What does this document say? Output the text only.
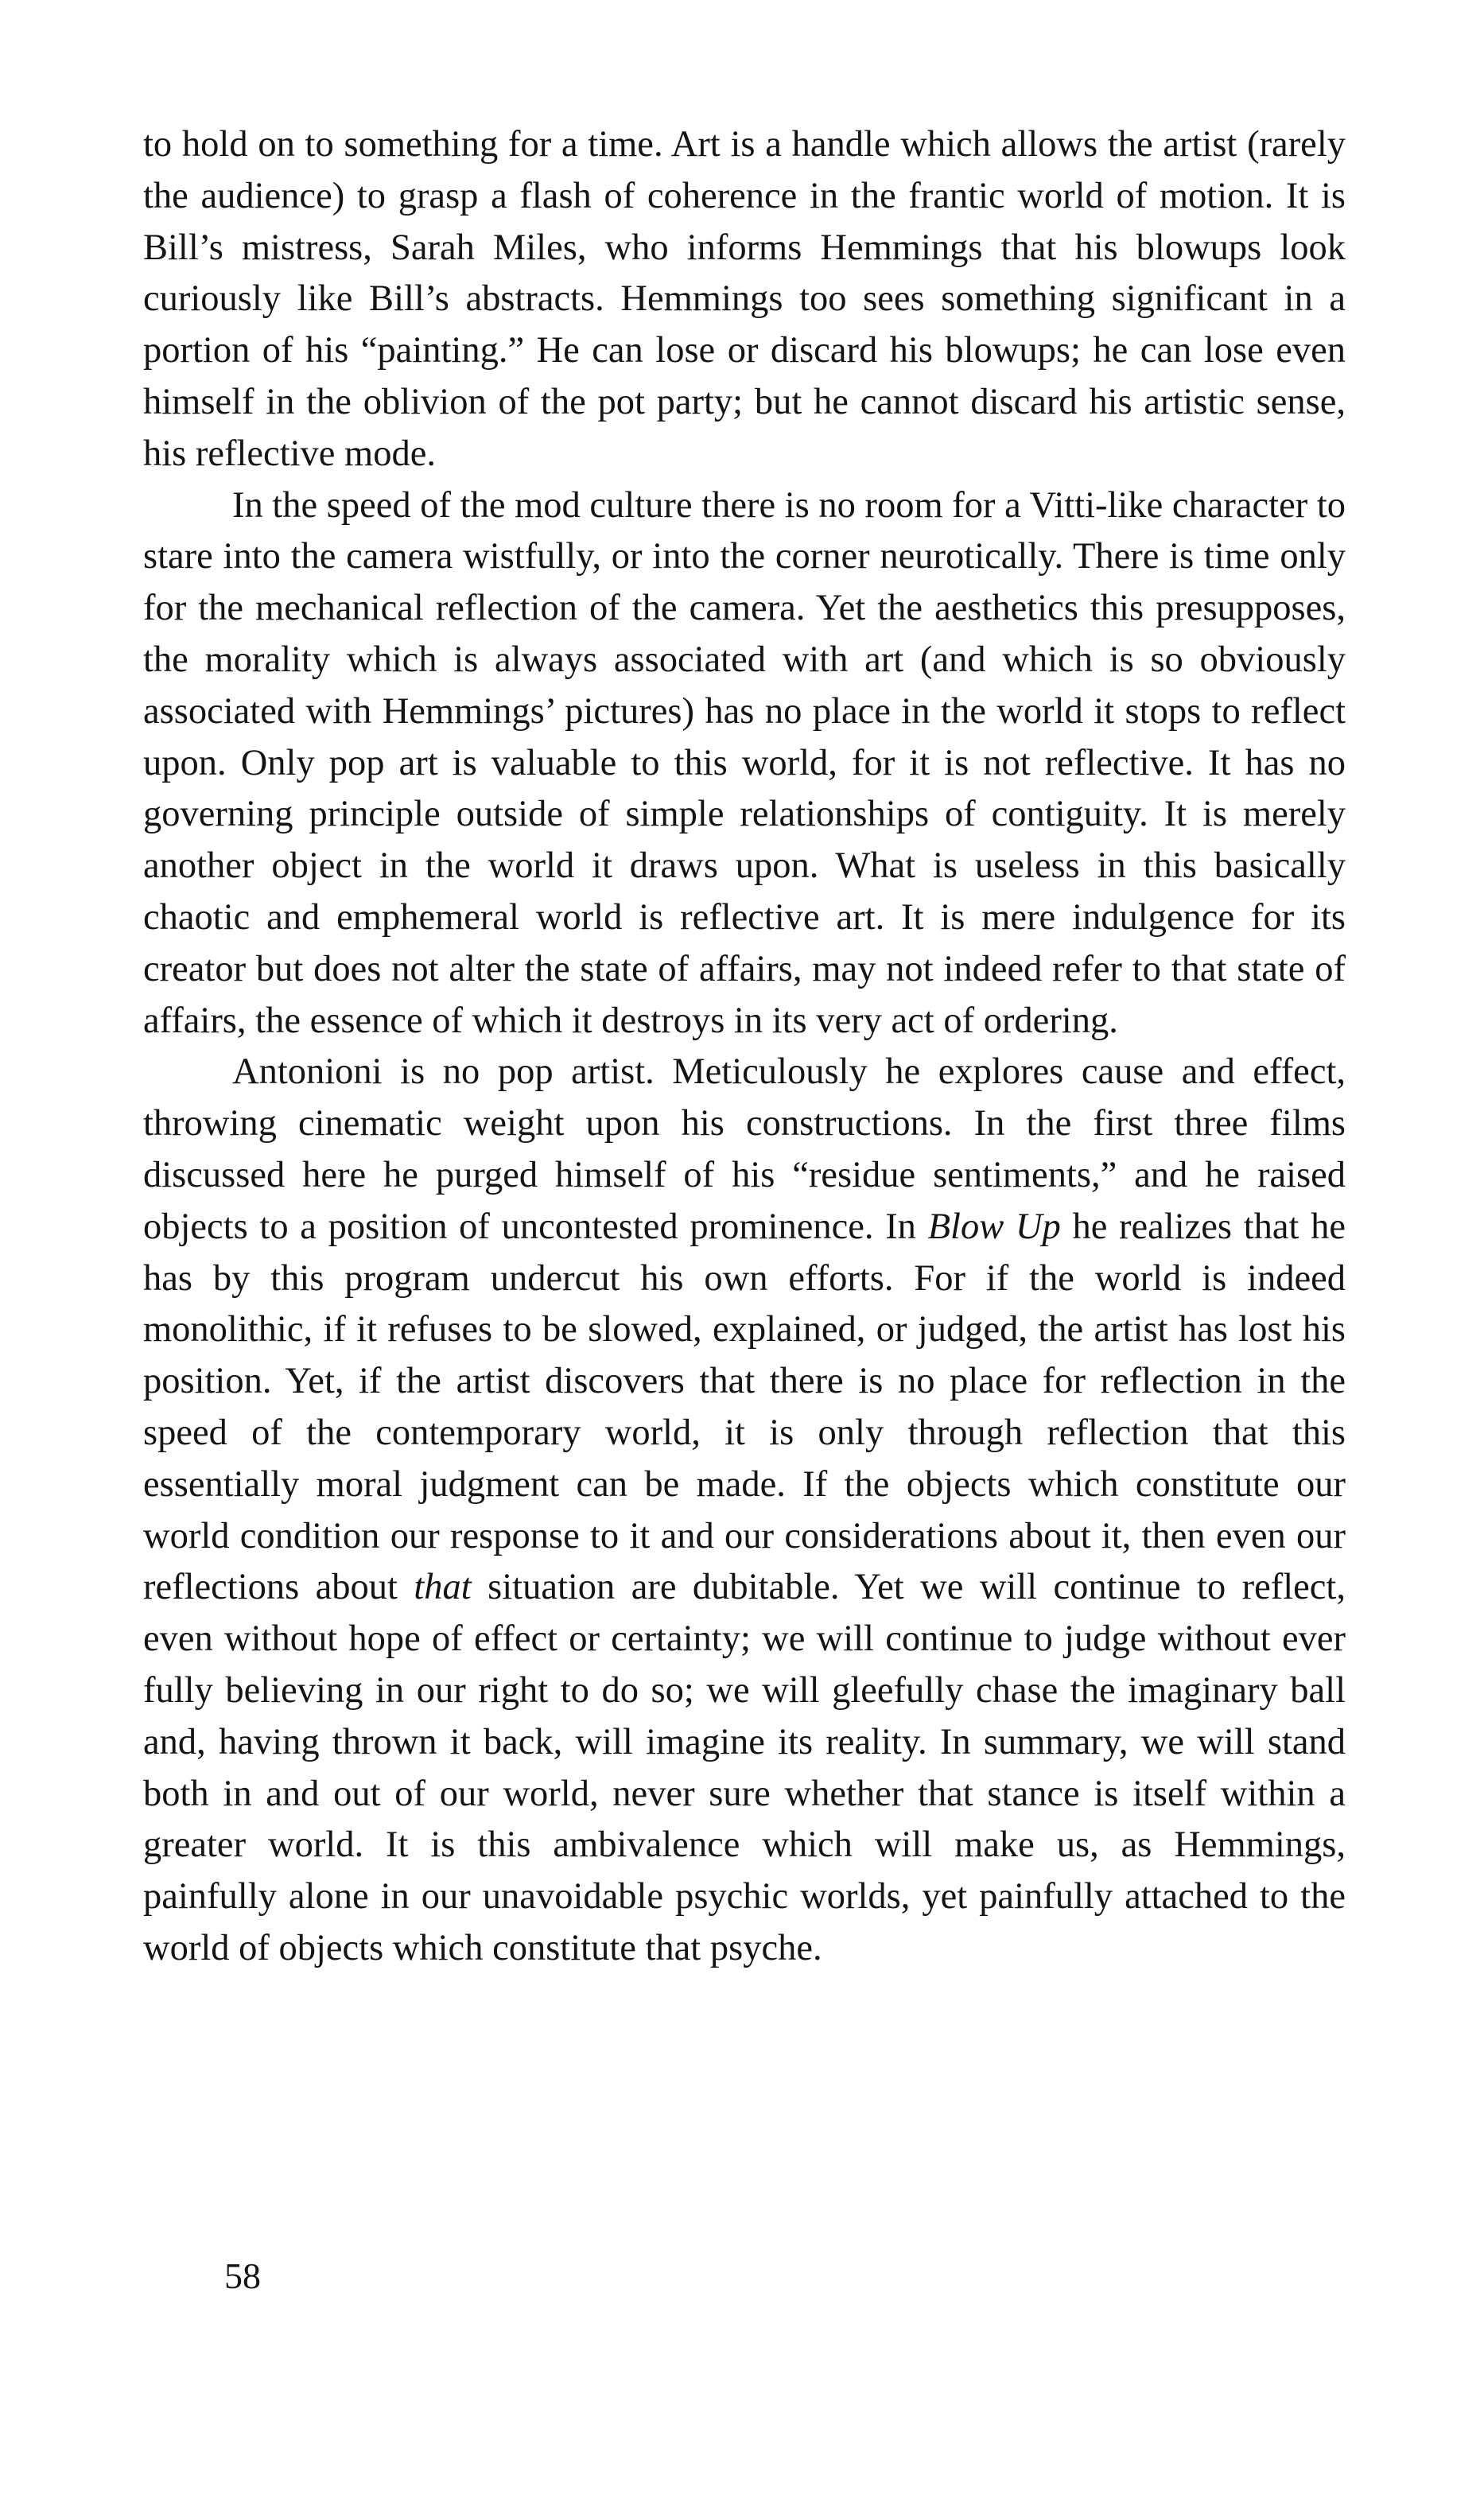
to hold on to something for a time. Art is a handle which allows the artist (rarely the audience) to grasp a flash of coherence in the frantic world of motion. It is Bill’s mistress, Sarah Miles, who informs Hemmings that his blowups look curiously like Bill’s abstracts. Hemmings too sees something significant in a portion of his “painting.” He can lose or discard his blowups; he can lose even himself in the oblivion of the pot party; but he cannot discard his artistic sense, his reflective mode.

In the speed of the mod culture there is no room for a Vitti-like character to stare into the camera wistfully, or into the corner neurotically. There is time only for the mechanical reflection of the camera. Yet the aesthetics this presupposes, the morality which is always associated with art (and which is so obviously associated with Hemmings’ pictures) has no place in the world it stops to reflect upon. Only pop art is valuable to this world, for it is not reflective. It has no governing principle outside of simple relationships of contiguity. It is merely another object in the world it draws upon. What is useless in this basically chaotic and emphemeral world is reflective art. It is mere indulgence for its creator but does not alter the state of affairs, may not indeed refer to that state of affairs, the essence of which it destroys in its very act of ordering.

Antonioni is no pop artist. Meticulously he explores cause and effect, throwing cinematic weight upon his constructions. In the first three films discussed here he purged himself of his “residue sentiments,” and he raised objects to a position of uncontested prominence. In Blow Up he realizes that he has by this program undercut his own efforts. For if the world is indeed monolithic, if it refuses to be slowed, explained, or judged, the artist has lost his position. Yet, if the artist discovers that there is no place for reflection in the speed of the contemporary world, it is only through reflection that this essentially moral judgment can be made. If the objects which constitute our world condition our response to it and our considerations about it, then even our reflections about that situation are dubitable. Yet we will continue to reflect, even without hope of effect or certainty; we will continue to judge without ever fully believing in our right to do so; we will gleefully chase the imaginary ball and, having thrown it back, will imagine its reality. In summary, we will stand both in and out of our world, never sure whether that stance is itself within a greater world. It is this ambivalence which will make us, as Hemmings, painfully alone in our unavoidable psychic worlds, yet painfully attached to the world of objects which constitute that psyche.

58
